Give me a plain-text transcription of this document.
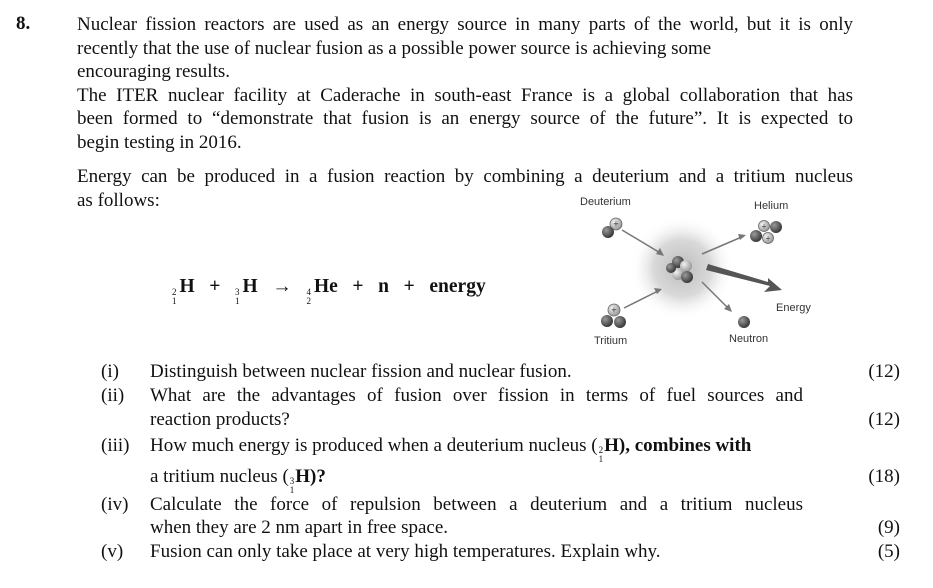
8. Nuclear fission reactors are used as an energy source in many parts of the world, but it is only
recently that the use of nuclear fusion as a possible power source is achieving some
encouraging results.
The ITER nuclear facility at Caderache in south-east France is a global collaboration that has
been formed to “demonstrate that fusion is an energy source of the future”. It is expected to
begin testing in 2016.
Energy can be produced in a fusion reaction by combining a deuterium and a tritium nucleus
as follows:
2
1
H + 3
1
H → 4
2
He + n + energy
+
+
+
+
Deuterium	Helium
Energy
Tritium	Neutron
(i) Distinguish between nuclear fission and nuclear fusion.	(12)
(ii) What are the advantages of fusion over fission in terms of fuel sources and
reaction products?	(12)
(iii) How much energy is produced when a deuterium nucleus ( 2
1
H), combines with
a tritium nucleus ( 3
1
H)?	(18)
(iv) Calculate the force of repulsion between a deuterium and a tritium nucleus
when they are 2 nm apart in free space.	(9)
(v) Fusion can only take place at very high temperatures. Explain why.	(5)
